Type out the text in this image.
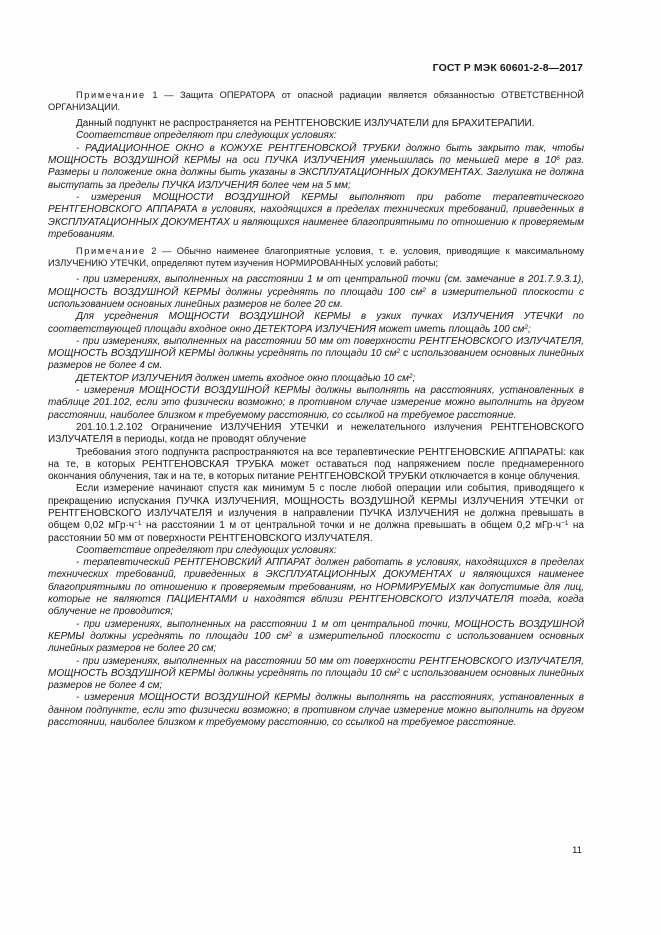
ГОСТ Р МЭК 60601-2-8—2017

Примечание 1 — Защита ОПЕРАТОРА от опасной радиации является обязанностью ОТВЕТСТВЕННОЙ ОРГАНИЗАЦИИ.

Данный подпункт не распространяется на РЕНТГЕНОВСКИЕ ИЗЛУЧАТЕЛИ для БРАХИТЕРАПИИ.

Соответствие определяют при следующих условиях:

- РАДИАЦИОННОЕ ОКНО в КОЖУХЕ РЕНТГЕНОВСКОЙ ТРУБКИ должно быть закрыто так, чтобы МОЩНОСТЬ ВОЗДУШНОЙ КЕРМЫ на оси ПУЧКА ИЗЛУЧЕНИЯ уменьшилась по меньшей мере в $10^6$ раз. Размеры и положение окна должны быть указаны в ЭКСПЛУАТАЦИОННЫХ ДОКУМЕНТАХ. Заглушка не должна выступать за пределы ПУЧКА ИЗЛУЧЕНИЯ более чем на 5 мм;

- измерения МОЩНОСТИ ВОЗДУШНОЙ КЕРМЫ выполняют при работе терапевтического РЕНТГЕНОВСКОГО АППАРАТА в условиях, находящихся в пределах технических требований, приведенных в ЭКСПЛУАТАЦИОННЫХ ДОКУМЕНТАХ и являющихся наименее благоприятными по отношению к проверяемым требованиям.

Примечание 2 — Обычно наименее благоприятные условия, т. е. условия, приводящие к максимальному ИЗЛУЧЕНИЮ УТЕЧКИ, определяют путем изучения НОРМИРОВАННЫХ условий работы;

- при измерениях, выполненных на расстоянии 1 м от центральной точки (см. замечание в 201.7.9.3.1), МОЩНОСТЬ ВОЗДУШНОЙ КЕРМЫ должны усреднять по площади 100 $см^2$ в измерительной плоскости с использованием основных линейных размеров не более 20 см.

Для усреднения МОЩНОСТИ ВОЗДУШНОЙ КЕРМЫ в узких пучках ИЗЛУЧЕНИЯ УТЕЧКИ по соответствующей площади входное окно ДЕТЕКТОРА ИЗЛУЧЕНИЯ может иметь площадь 100 $см^2$;

- при измерениях, выполненных на расстоянии 50 мм от поверхности РЕНТГЕНОВСКОГО ИЗЛУЧАТЕЛЯ, МОЩНОСТЬ ВОЗДУШНОЙ КЕРМЫ должны усреднять по площади 10 $см^2$ с использованием основных линейных размеров не более 4 см.

ДЕТЕКТОР ИЗЛУЧЕНИЯ должен иметь входное окно площадью 10 $см^2$;

- измерения МОЩНОСТИ ВОЗДУШНОЙ КЕРМЫ должны выполнять на расстояниях, установленных в таблице 201.102, если это физически возможно; в противном случае измерение можно выполнить на другом расстоянии, наиболее близком к требуемому расстоянию, со ссылкой на требуемое расстояние.

201.10.1.2.102 Ограничение ИЗЛУЧЕНИЯ УТЕЧКИ и нежелательного излучения РЕНТГЕНОВСКОГО ИЗЛУЧАТЕЛЯ в периоды, когда не проводят облучение

Требования этого подпункта распространяются на все терапевтические РЕНТГЕНОВСКИЕ АППАРАТЫ: как на те, в которых РЕНТГЕНОВСКАЯ ТРУБКА может оставаться под напряжением после преднамеренного окончания облучения, так и на те, в которых питание РЕНТГЕНОВСКОЙ ТРУБКИ отключается в конце облучения.

Если измерение начинают спустя как минимум 5 с после любой операции или события, приводящего к прекращению испускания ПУЧКА ИЗЛУЧЕНИЯ, МОЩНОСТЬ ВОЗДУШНОЙ КЕРМЫ ИЗЛУЧЕНИЯ УТЕЧКИ от РЕНТГЕНОВСКОГО ИЗЛУЧАТЕЛЯ и излучения в направлении ПУЧКА ИЗЛУЧЕНИЯ не должна превышать в общем 0,02 $мГр\cdot ч^{-1}$ на расстоянии 1 м от центральной точки и не должна превышать в общем 0,2 $мГр\cdot ч^{-1}$ на расстоянии 50 мм от поверхности РЕНТГЕНОВСКОГО ИЗЛУЧАТЕЛЯ.

Соответствие определяют при следующих условиях:

- терапевтический РЕНТГЕНОВСКИЙ АППАРАТ должен работать в условиях, находящихся в пределах технических требований, приведенных в ЭКСПЛУАТАЦИОННЫХ ДОКУМЕНТАХ и являющихся наименее благоприятными по отношению к проверяемым требованиям, но НОРМИРУЕМЫХ как допустимые для лиц, которые не являются ПАЦИЕНТАМИ и находятся вблизи РЕНТГЕНОВСКОГО ИЗЛУЧАТЕЛЯ тогда, когда облучение не проводится;

- при измерениях, выполненных на расстоянии 1 м от центральной точки, МОЩНОСТЬ ВОЗДУШНОЙ КЕРМЫ должны усреднять по площади 100 $см^2$ в измерительной плоскости с использованием основных линейных размеров не более 20 см;

- при измерениях, выполненных на расстоянии 50 мм от поверхности РЕНТГЕНОВСКОГО ИЗЛУЧАТЕЛЯ, МОЩНОСТЬ ВОЗДУШНОЙ КЕРМЫ должны усреднять по площади 10 $см^2$ с использованием основных линейных размеров не более 4 см;

- измерения МОЩНОСТИ ВОЗДУШНОЙ КЕРМЫ должны выполнять на расстояниях, установленных в данном подпункте, если это физически возможно; в противном случае измерение можно выполнить на другом расстоянии, наиболее близком к требуемому расстоянию, со ссылкой на требуемое расстояние.

11
